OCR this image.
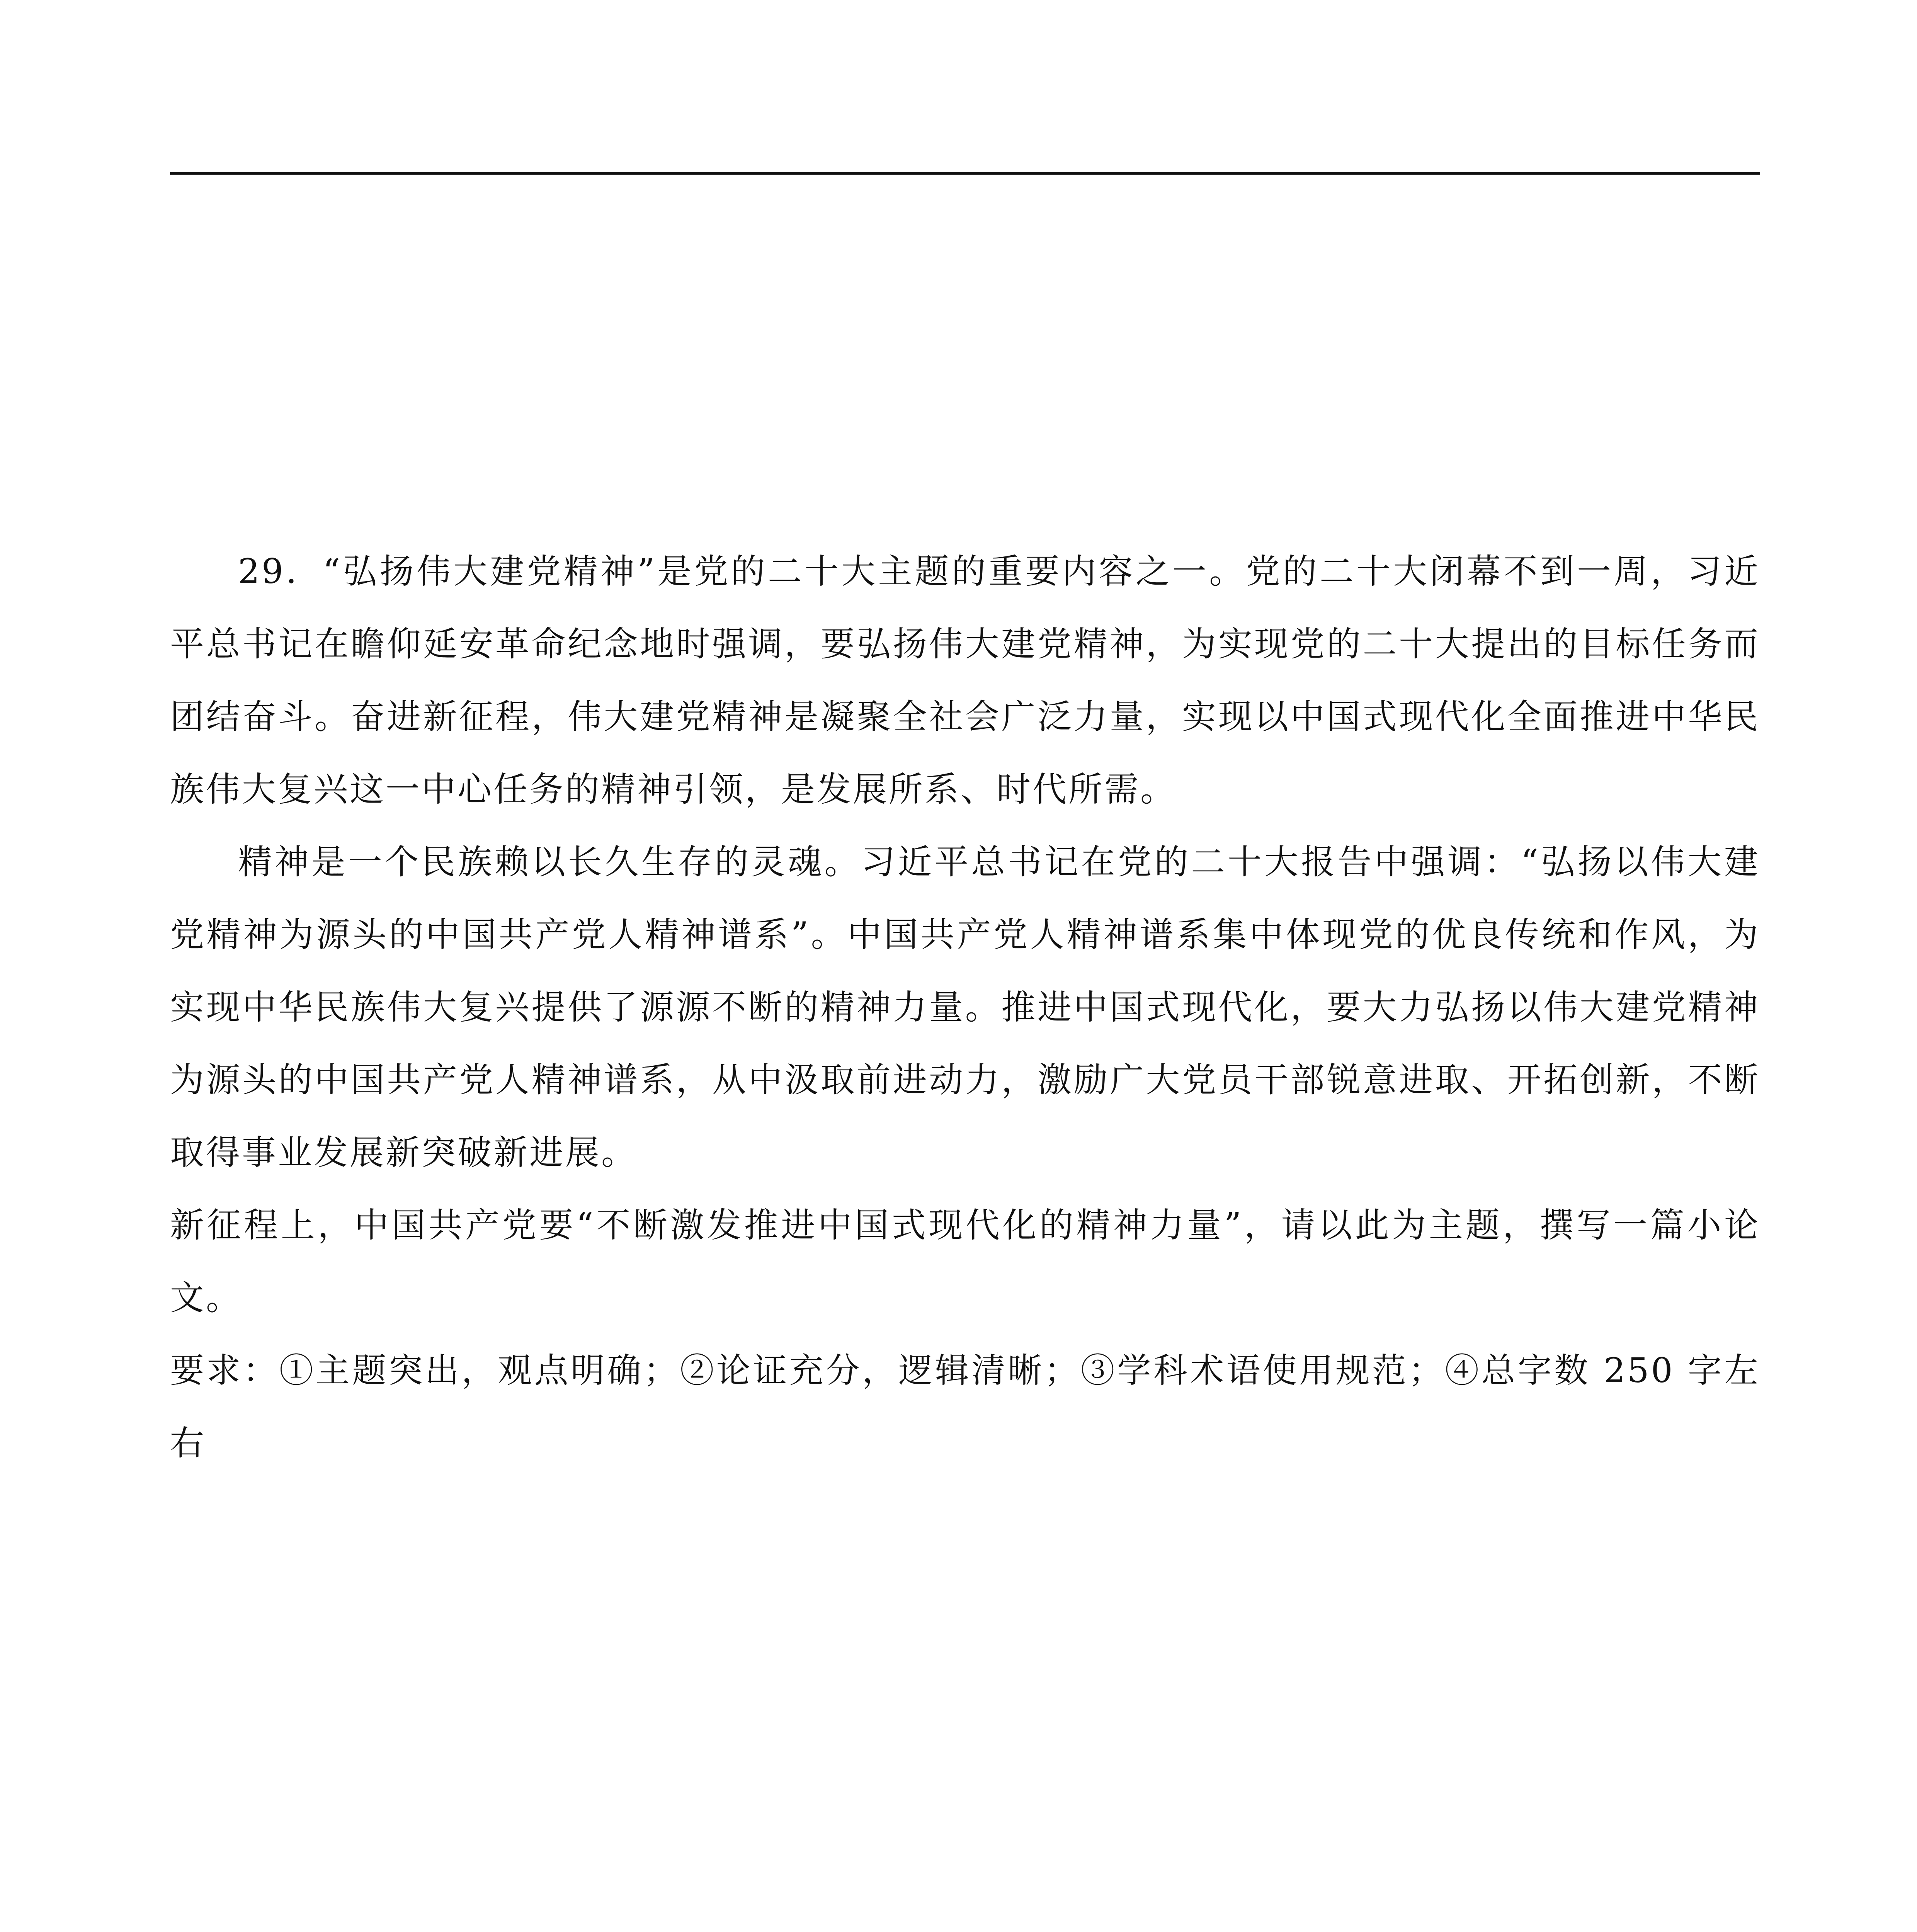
29．“弘扬伟大建党精神”是党的二十大主题的重要内容之一。党的二十大闭幕不到一周，习近平总书记在瞻仰延安革命纪念地时强调，要弘扬伟大建党精神，为实现党的二十大提出的目标任务而团结奋斗。奋进新征程，伟大建党精神是凝聚全社会广泛力量，实现以中国式现代化全面推进中华民族伟大复兴这一中心任务的精神引领，是发展所系、时代所需。

精神是一个民族赖以长久生存的灵魂。习近平总书记在党的二十大报告中强调：“弘扬以伟大建党精神为源头的中国共产党人精神谱系”。中国共产党人精神谱系集中体现党的优良传统和作风，为实现中华民族伟大复兴提供了源源不断的精神力量。推进中国式现代化，要大力弘扬以伟大建党精神为源头的中国共产党人精神谱系，从中汲取前进动力，激励广大党员干部锐意进取、开拓创新，不断取得事业发展新突破新进展。

新征程上，中国共产党要“不断激发推进中国式现代化的精神力量”，请以此为主题，撰写一篇小论文。

要求：①主题突出，观点明确；②论证充分，逻辑清晰；③学科术语使用规范；④总字数 250 字左右
